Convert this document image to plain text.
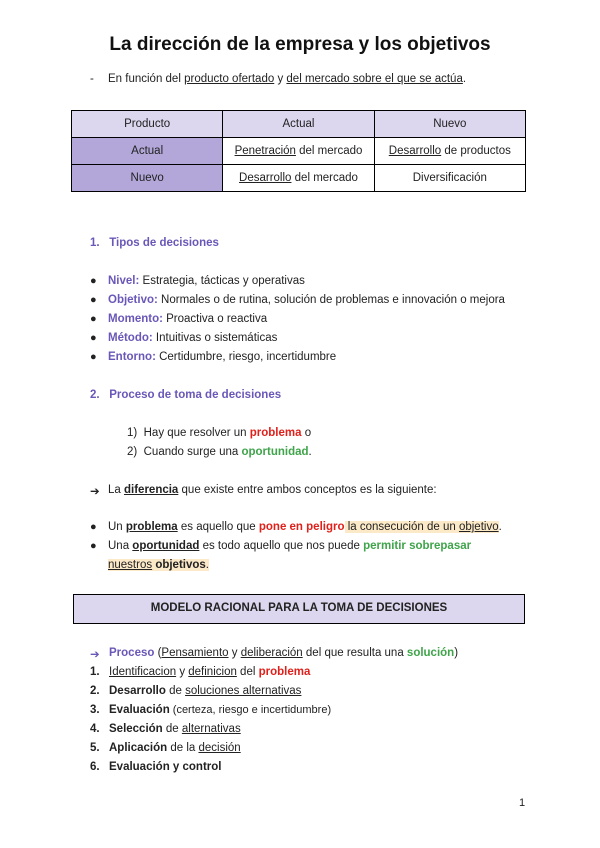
La dirección de la empresa y los objetivos
- En función del producto ofertado y del mercado sobre el que se actúa.
Producto	Actual	Nuevo
Actual	Penetración del mercado	Desarrollo de productos
Nuevo	Desarrollo del mercado	Diversificación
1. Tipos de decisiones
● Nivel: Estrategia, tácticas y operativas
● Objetivo: Normales o de rutina, solución de problemas e innovación o mejora
● Momento: Proactiva o reactiva
● Método: Intuitivas o sistemáticas
● Entorno: Certidumbre, riesgo, incertidumbre
2. Proceso de toma de decisiones
1) Hay que resolver un problema o
2) Cuando surge una oportunidad.
➔ La diferencia que existe entre ambos conceptos es la siguiente:
● Un problema es aquello que pone en peligro la consecución de un objetivo.
● Una oportunidad es todo aquello que nos puede permitir sobrepasar
nuestros objetivos.
MODELO RACIONAL PARA LA TOMA DE DECISIONES
➔ Proceso (Pensamiento y deliberación del que resulta una solución)
1. Identificacion y definicion del problema
2. Desarrollo de soluciones alternativas
3. Evaluación (certeza, riesgo e incertidumbre)
4. Selección de alternativas
5. Aplicación de la decisión
6. Evaluación y control
1
